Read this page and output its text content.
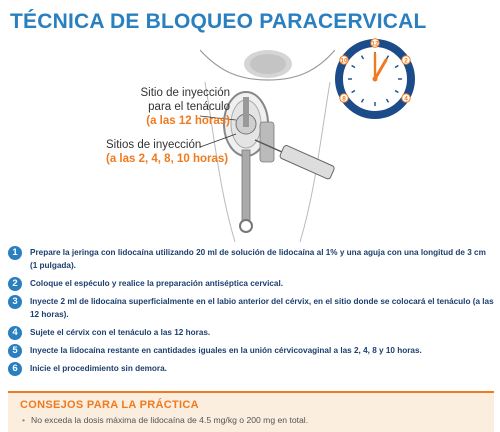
TÉCNICA DE BLOQUEO PARACERVICAL
Sitio de inyección
para el tenáculo
(a las 12 horas)
Sitios de inyección
(a las 2, 4, 8, 10 horas)
12
2
4
8
10
1	Prepare la jeringa con lidocaína utilizando 20 ml de solución de lidocaína al 1% y una aguja con una longitud de 3 cm (1 pulgada).
2	Coloque el espéculo y realice la preparación antiséptica cervical.
3	Inyecte 2 ml de lidocaína superficialmente en el labio anterior del cérvix, en el sitio donde se colocará el tenáculo (a las 12 horas).
4	Sujete el cérvix con el tenáculo a las 12 horas.
5	Inyecte la lidocaína restante en cantidades iguales en la unión cérvicovaginal a las 2, 4, 8 y 10 horas.
6	Inicie el procedimiento sin demora.
CONSEJOS PARA LA PRÁCTICA
• No exceda la dosis máxima de lidocaína de 4.5 mg/kg o 200 mg en total.
